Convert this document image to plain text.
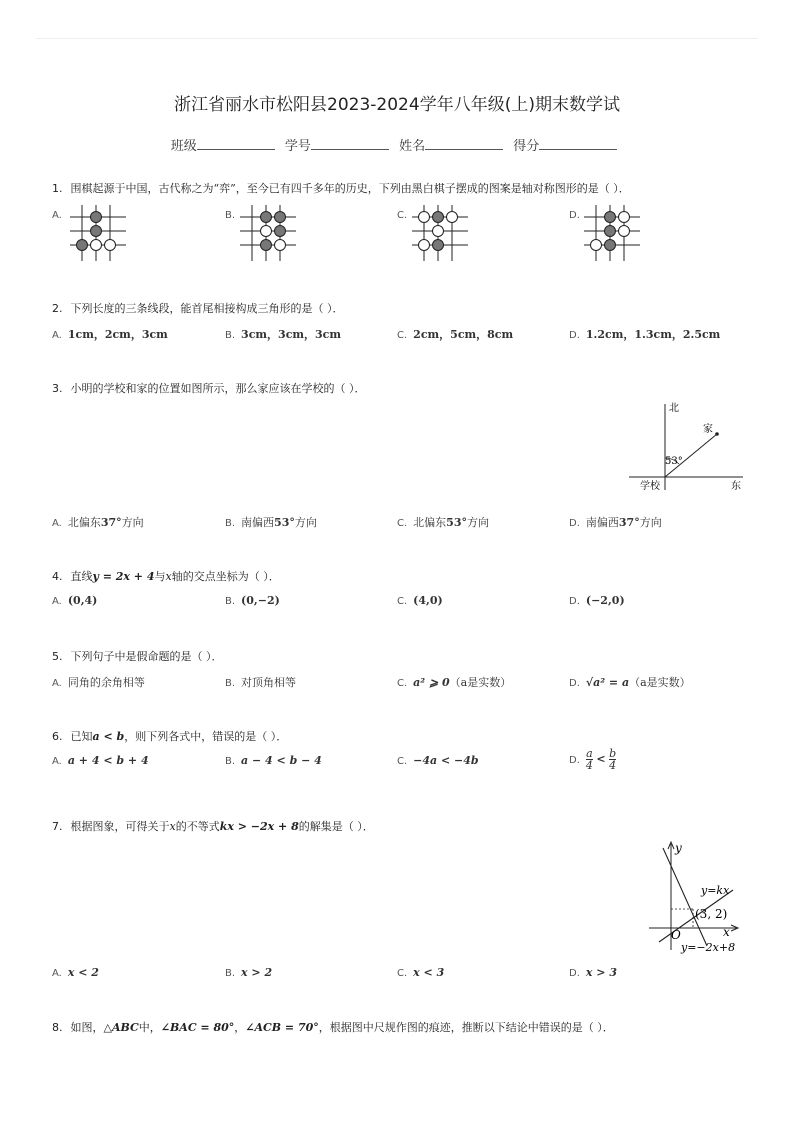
浙江省丽水市松阳县2023-2024学年八年级(上)期末数学试
班级	学号	姓名	得分
1. 围棋起源于中国，古代称之为“弈”，至今已有四千多年的历史，下列由黑白棋子摆成的图案是轴对称图形的是（ ）．
A.	B.	C.	D.
2. 下列长度的三条线段，能首尾相接构成三角形的是（ ）．
A. 1cm，2cm，3cm	B. 3cm，3cm，3cm	C. 2cm，5cm，8cm	D. 1.2cm，1.3cm，2.5cm
3. 小明的学校和家的位置如图所示，那么家应该在学校的（ ）．
北
家
53°
学校	东
A. 北偏东37°方向	B. 南偏西53°方向	C. 北偏东53°方向	D. 南偏西37°方向
4. 直线y = 2x + 4与x轴的交点坐标为（ ）．
A. (0,4)	B. (0,−2)	C. (4,0)	D. (−2,0)
5. 下列句子中是假命题的是（ ）．
A. 同角的余角相等	B. 对顶角相等	C. a² ⩾ 0（a是实数）	D. √a² = a（a是实数）
6. 已知a < b，则下列各式中，错误的是（ ）．
A. a + 4 < b + 4	B. a − 4 < b − 4	C. −4a < −4b	D. $\frac{a}{4} < \frac{b}{4}$
7. 根据图象，可得关于x的不等式kx > −2x + 8的解集是（ ）．
y
x
O
y=kx
(3, 2)
y=−2x+8
A. x < 2	B. x > 2	C. x < 3	D. x > 3
8. 如图，△ABC中，∠BAC = 80°，∠ACB = 70°，根据图中尺规作图的痕迹，推断以下结论中错误的是（ ）．
